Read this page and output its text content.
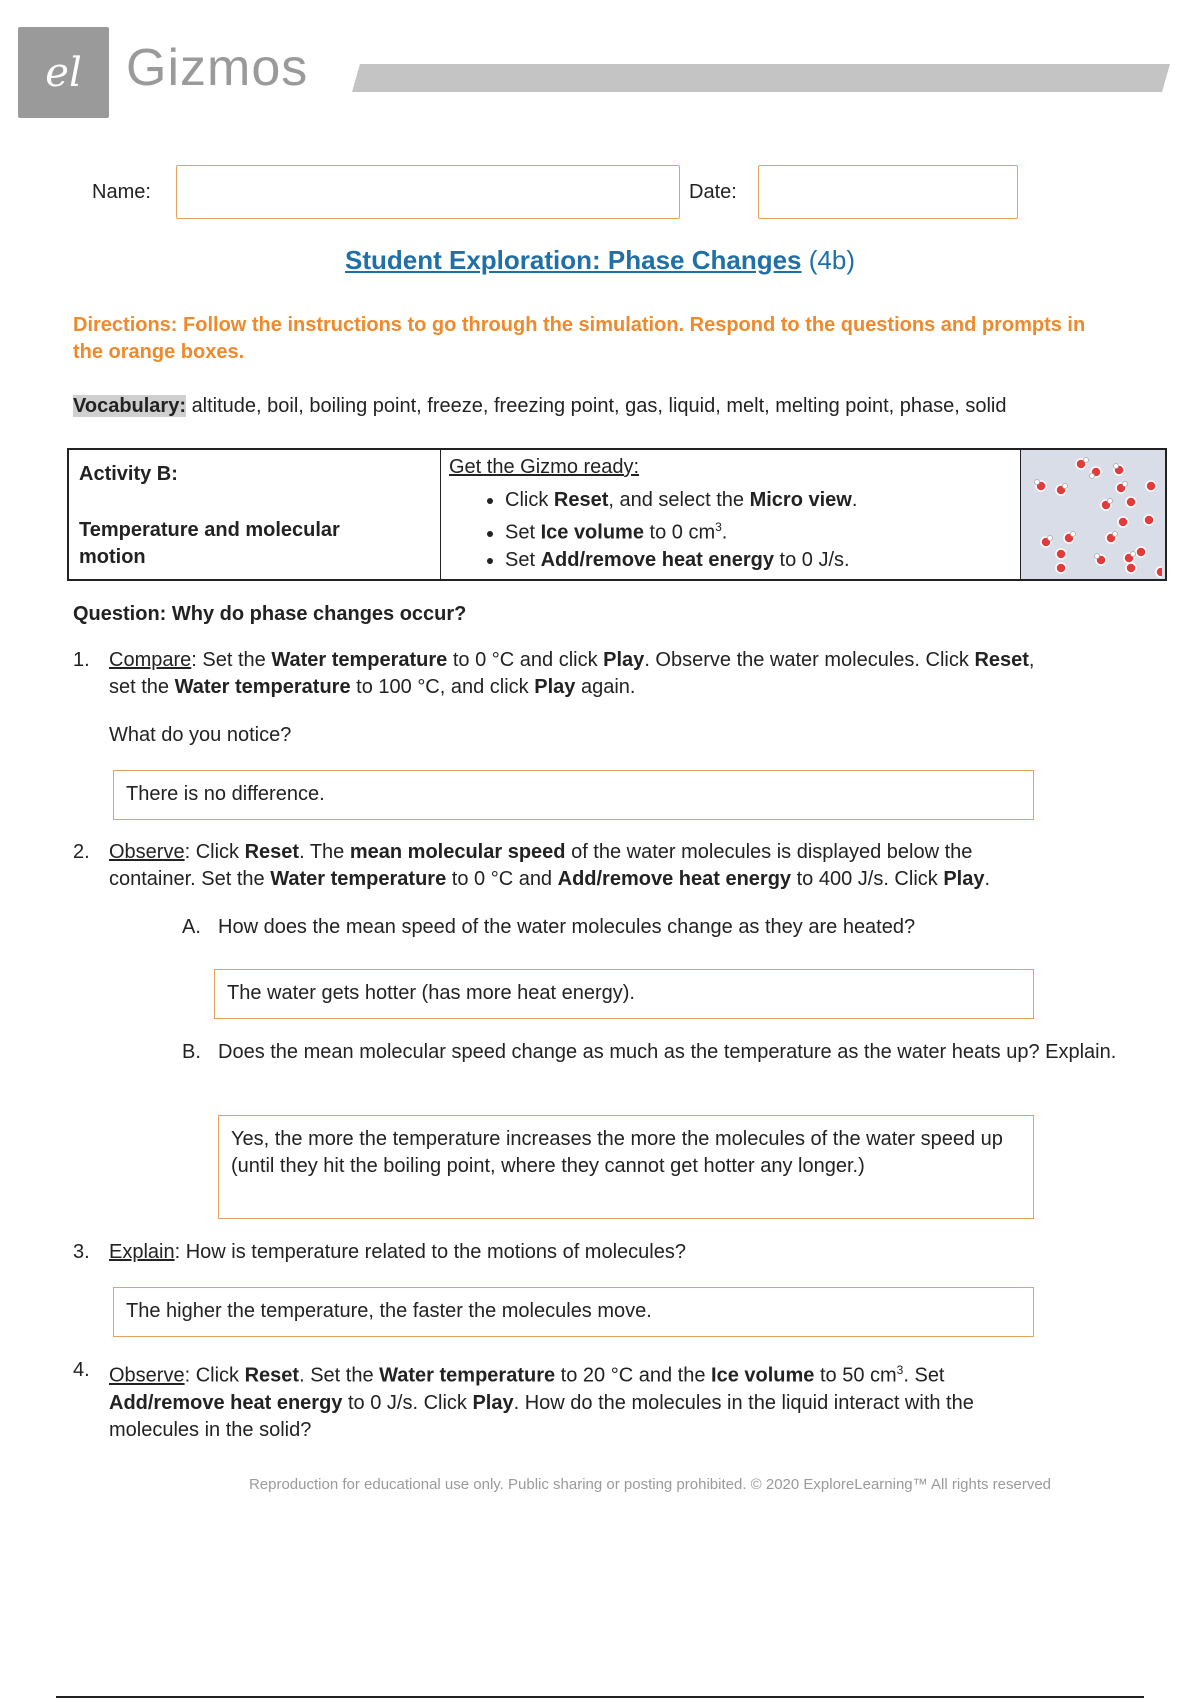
el Gizmos
Name:	Date:
Student Exploration: Phase Changes (4b)
Directions: Follow the instructions to go through the simulation. Respond to the questions and prompts in the orange boxes.
Vocabulary: altitude, boil, boiling point, freeze, freezing point, gas, liquid, melt, melting point, phase, solid
Activity B:
Temperature and molecular motion
Get the Gizmo ready:
• Click Reset, and select the Micro view.
• Set Ice volume to 0 $cm^3$.
• Set Add/remove heat energy to 0 J/s.
Question: Why do phase changes occur?
1. Compare: Set the Water temperature to 0 °C and click Play. Observe the water molecules. Click Reset,
set the Water temperature to 100 °C, and click Play again.
What do you notice?
There is no difference.
2. Observe: Click Reset. The mean molecular speed of the water molecules is displayed below the
container. Set the Water temperature to 0 °C and Add/remove heat energy to 400 J/s. Click Play.
A. How does the mean speed of the water molecules change as they are heated?
The water gets hotter (has more heat energy).
B. Does the mean molecular speed change as much as the temperature as the water heats up? Explain.
Yes, the more the temperature increases the more the molecules of the water speed up (until they hit the boiling point, where they cannot get hotter any longer.)
3. Explain: How is temperature related to the motions of molecules?
The higher the temperature, the faster the molecules move.
4. Observe: Click Reset. Set the Water temperature to 20 °C and the Ice volume to 50 $cm^3$. Set
Add/remove heat energy to 0 J/s. Click Play. How do the molecules in the liquid interact with the
molecules in the solid?
Reproduction for educational use only. Public sharing or posting prohibited. © 2020 ExploreLearning™ All rights reserved
